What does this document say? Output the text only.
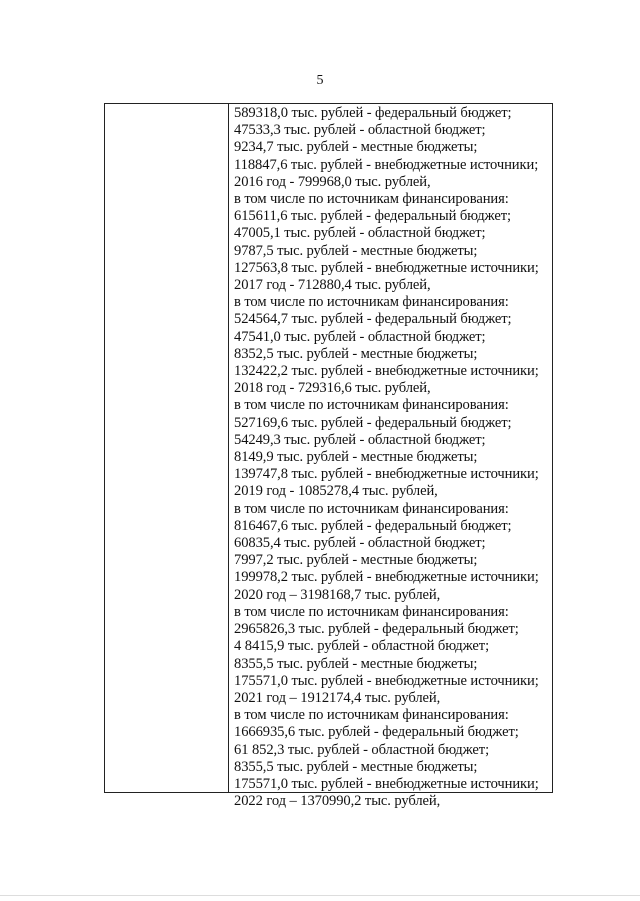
5
589318,0 тыс. рублей - федеральный бюджет;
47533,3 тыс. рублей - областной бюджет;
9234,7 тыс. рублей - местные бюджеты;
118847,6 тыс. рублей - внебюджетные источники;
2016 год - 799968,0 тыс. рублей,
в том числе по источникам финансирования:
615611,6 тыс. рублей - федеральный бюджет;
47005,1 тыс. рублей - областной бюджет;
9787,5 тыс. рублей - местные бюджеты;
127563,8 тыс. рублей - внебюджетные источники;
2017 год - 712880,4 тыс. рублей,
в том числе по источникам финансирования:
524564,7 тыс. рублей - федеральный бюджет;
47541,0 тыс. рублей - областной бюджет;
8352,5 тыс. рублей - местные бюджеты;
132422,2 тыс. рублей - внебюджетные источники;
2018 год - 729316,6 тыс. рублей,
в том числе по источникам финансирования:
527169,6 тыс. рублей - федеральный бюджет;
54249,3 тыс. рублей - областной бюджет;
8149,9 тыс. рублей - местные бюджеты;
139747,8 тыс. рублей - внебюджетные источники;
2019 год - 1085278,4 тыс. рублей,
в том числе по источникам финансирования:
816467,6 тыс. рублей - федеральный бюджет;
60835,4 тыс. рублей - областной бюджет;
7997,2 тыс. рублей - местные бюджеты;
199978,2 тыс. рублей - внебюджетные источники;
2020 год – 3198168,7 тыс. рублей,
в том числе по источникам финансирования:
2965826,3 тыс. рублей - федеральный бюджет;
4 8415,9 тыс. рублей - областной бюджет;
8355,5 тыс. рублей - местные бюджеты;
175571,0 тыс. рублей - внебюджетные источники;
2021 год – 1912174,4 тыс. рублей,
в том числе по источникам финансирования:
1666935,6 тыс. рублей - федеральный бюджет;
61 852,3 тыс. рублей - областной бюджет;
8355,5 тыс. рублей - местные бюджеты;
175571,0 тыс. рублей - внебюджетные источники;
2022 год – 1370990,2 тыс. рублей,
